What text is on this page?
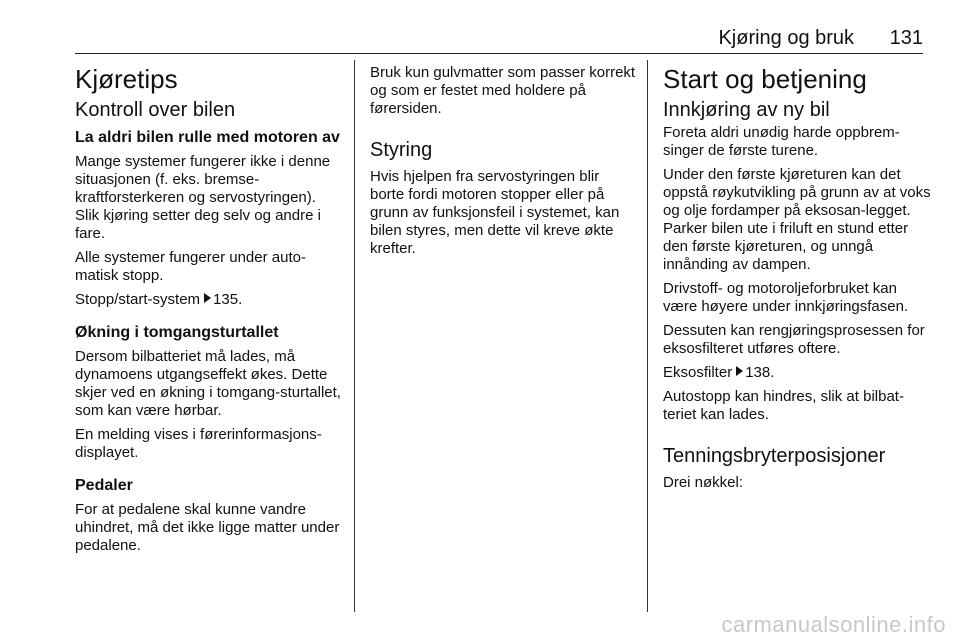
Kjøring og bruk 131
Kjøretips
Kontroll over bilen
La aldri bilen rulle med motoren av

Mange systemer fungerer ikke i denne situasjonen (f. eks. bremse-kraftforsterkeren og servostyringen). Slik kjøring setter deg selv og andre i fare.

Alle systemer fungerer under auto-matisk stopp.

Stopp/start-system 135.

Økning i tomgangsturtallet

Dersom bilbatteriet må lades, må dynamoens utgangseffekt økes. Dette skjer ved en økning i tomgang-sturtallet, som kan være hørbar.

En melding vises i førerinformasjons-displayet.

Pedaler

For at pedalene skal kunne vandre uhindret, må det ikke ligge matter under pedalene.

Bruk kun gulvmatter som passer korrekt og som er festet med holdere på førersiden.

Styring

Hvis hjelpen fra servostyringen blir borte fordi motoren stopper eller på grunn av funksjonsfeil i systemet, kan bilen styres, men dette vil kreve økte krefter.

Start og betjening
Innkjøring av ny bil

Foreta aldri unødig harde oppbrem-singer de første turene.

Under den første kjøreturen kan det oppstå røykutvikling på grunn av at voks og olje fordamper på eksosan-legget. Parker bilen ute i friluft en stund etter den første kjøreturen, og unngå innånding av dampen.

Drivstoff- og motoroljeforbruket kan være høyere under innkjøringsfasen.

Dessuten kan rengjøringsprosessen for eksosfilteret utføres oftere.

Eksosfilter 138.

Autostopp kan hindres, slik at bilbat-teriet kan lades.

Tenningsbryterposisjoner

Drei nøkkel:

carmanualsonline.info
